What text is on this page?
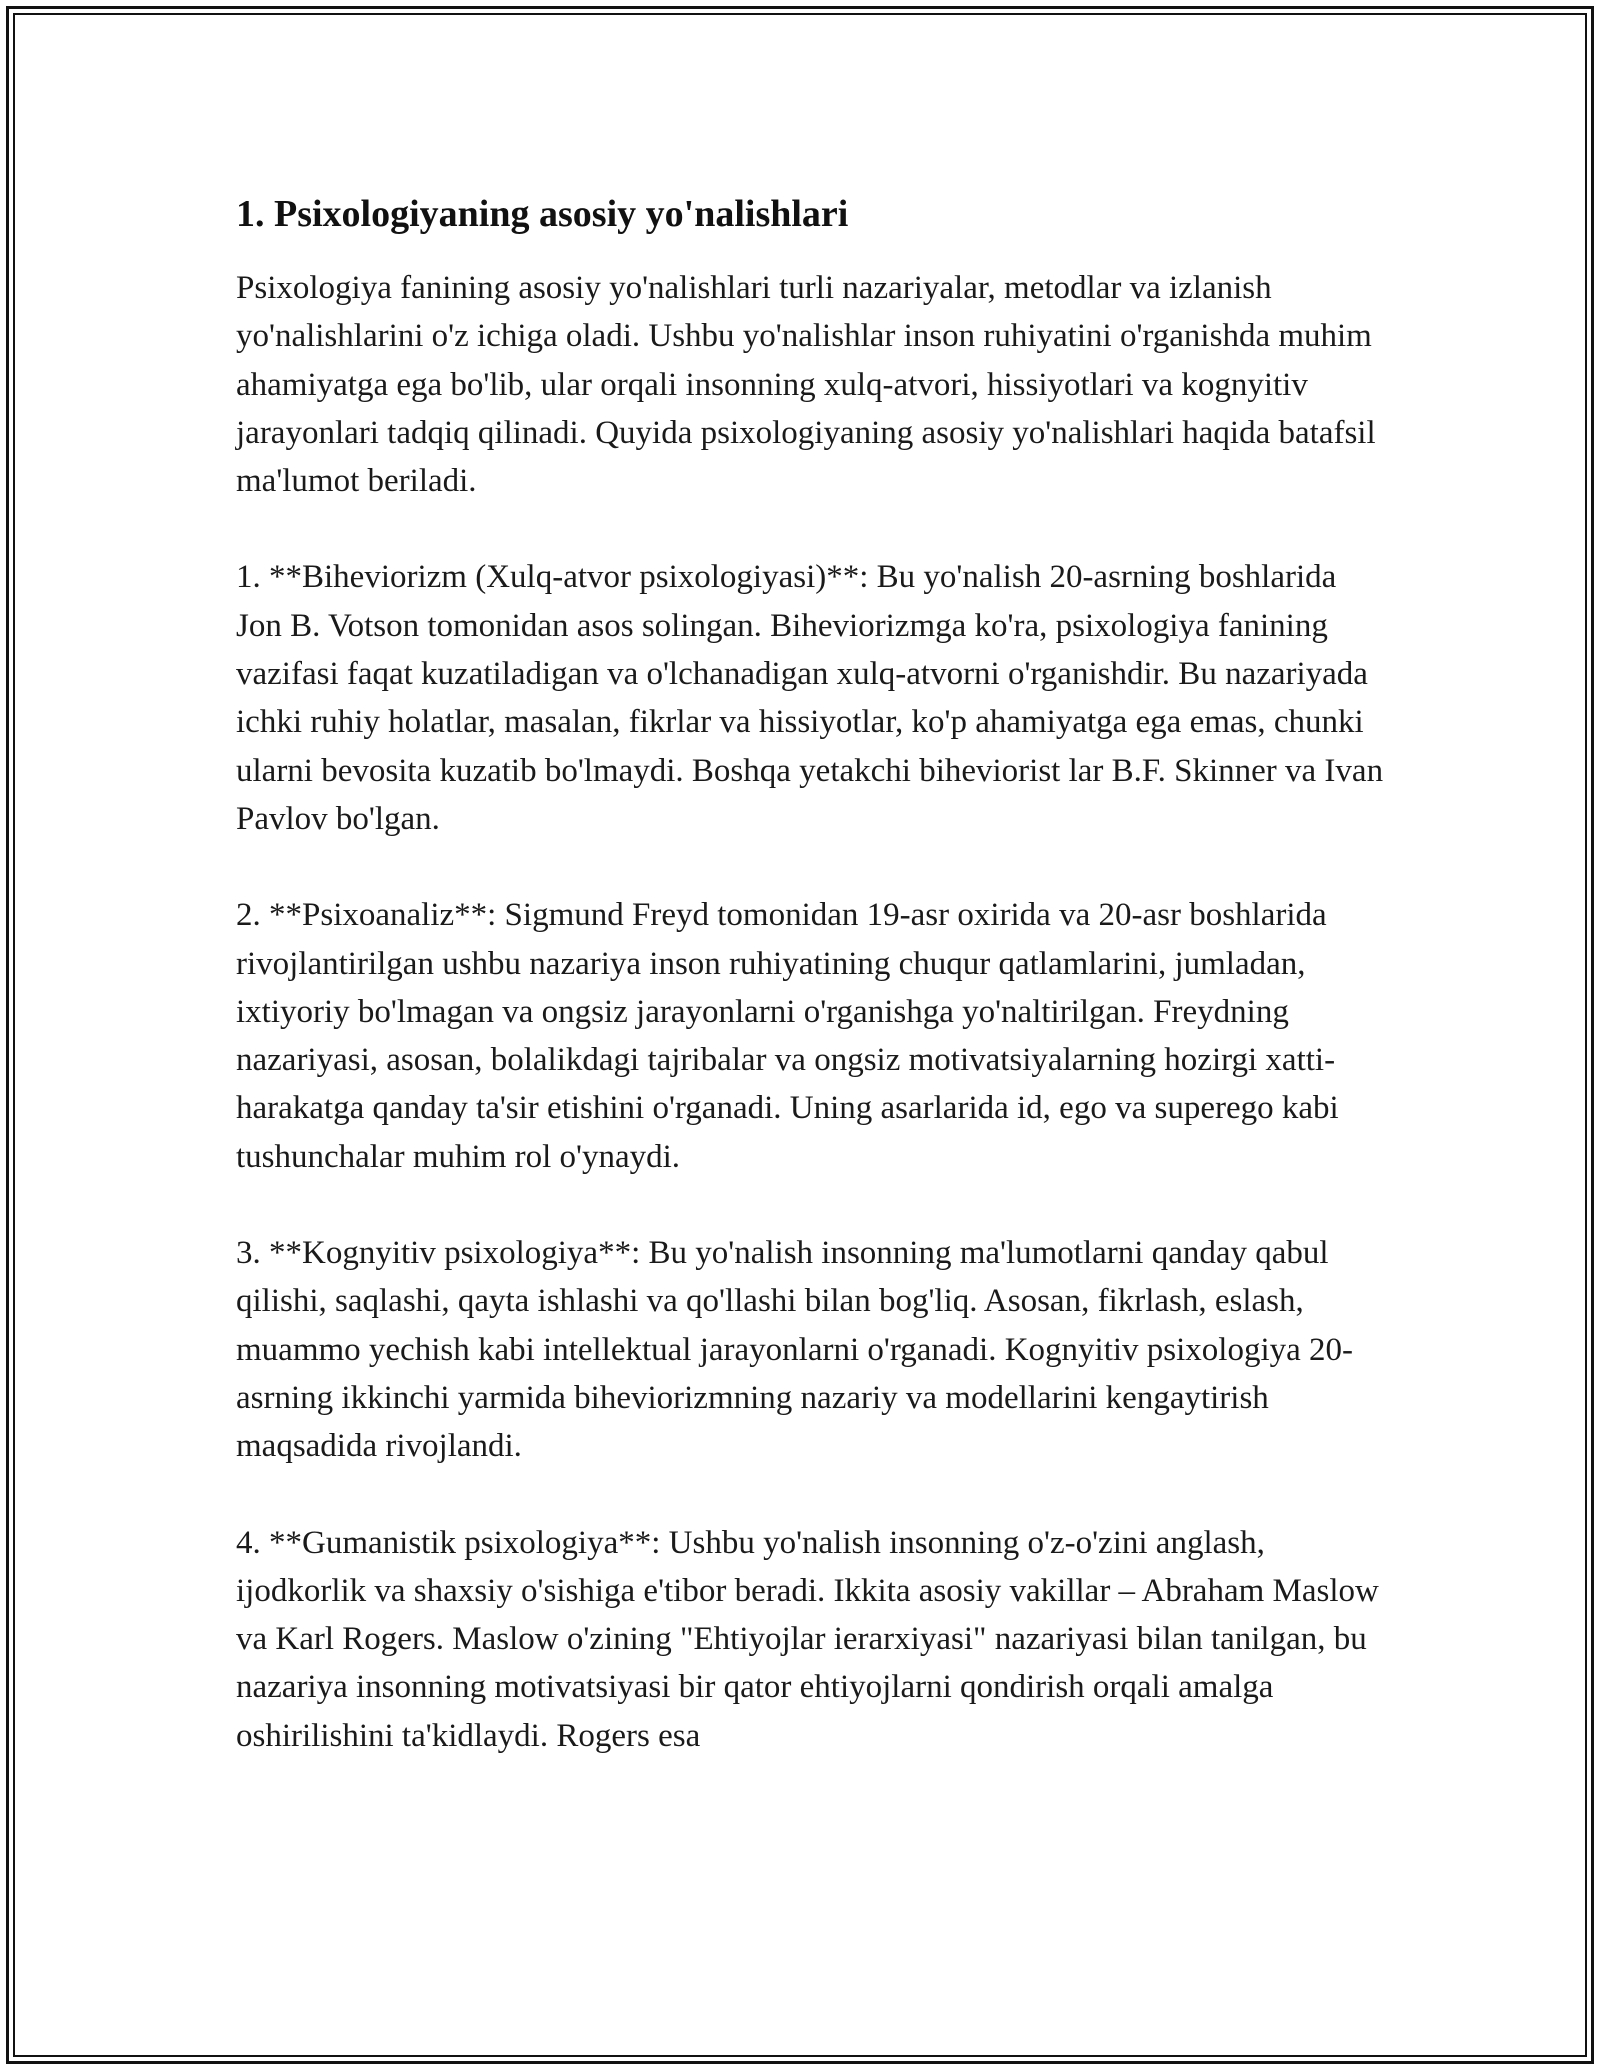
1. Psixologiyaning asosiy yo'nalishlari

Psixologiya fanining asosiy yo'nalishlari turli nazariyalar, metodlar va izlanish yo'nalishlarini o'z ichiga oladi. Ushbu yo'nalishlar inson ruhiyatini o'rganishda muhim ahamiyatga ega bo'lib, ular orqali insonning xulq-atvori, hissiyotlari va kognyitiv jarayonlari tadqiq qilinadi. Quyida psixologiyaning asosiy yo'nalishlari haqida batafsil ma'lumot beriladi.

1. **Biheviorizm (Xulq-atvor psixologiyasi)**: Bu yo'nalish 20-asrning boshlarida Jon B. Votson tomonidan asos solingan. Biheviorizmga ko'ra, psixologiya fanining vazifasi faqat kuzatiladigan va o'lchanadigan xulq-atvorni o'rganishdir. Bu nazariyada ichki ruhiy holatlar, masalan, fikrlar va hissiyotlar, ko'p ahamiyatga ega emas, chunki ularni bevosita kuzatib bo'lmaydi. Boshqa yetakchi biheviorist lar B.F. Skinner va Ivan Pavlov bo'lgan.

2. **Psixoanaliz**: Sigmund Freyd tomonidan 19-asr oxirida va 20-asr boshlarida rivojlantirilgan ushbu nazariya inson ruhiyatining chuqur qatlamlarini, jumladan, ixtiyoriy bo'lmagan va ongsiz jarayonlarni o'rganishga yo'naltirilgan. Freydning nazariyasi, asosan, bolalikdagi tajribalar va ongsiz motivatsiyalarning hozirgi xatti-harakatga qanday ta'sir etishini o'rganadi. Uning asarlarida id, ego va superego kabi tushunchalar muhim rol o'ynaydi.

3. **Kognyitiv psixologiya**: Bu yo'nalish insonning ma'lumotlarni qanday qabul qilishi, saqlashi, qayta ishlashi va qo'llashi bilan bog'liq. Asosan, fikrlash, eslash, muammo yechish kabi intellektual jarayonlarni o'rganadi. Kognyitiv psixologiya 20-asrning ikkinchi yarmida biheviorizmning nazariy va modellarini kengaytirish maqsadida rivojlandi.

4. **Gumanistik psixologiya**: Ushbu yo'nalish insonning o'z-o'zini anglash, ijodkorlik va shaxsiy o'sishiga e'tibor beradi. Ikkita asosiy vakillar – Abraham Maslow va Karl Rogers. Maslow o'zining "Ehtiyojlar ierarxiyasi" nazariyasi bilan tanilgan, bu nazariya insonning motivatsiyasi bir qator ehtiyojlarni qondirish orqali amalga oshirilishini ta'kidlaydi. Rogers esa
